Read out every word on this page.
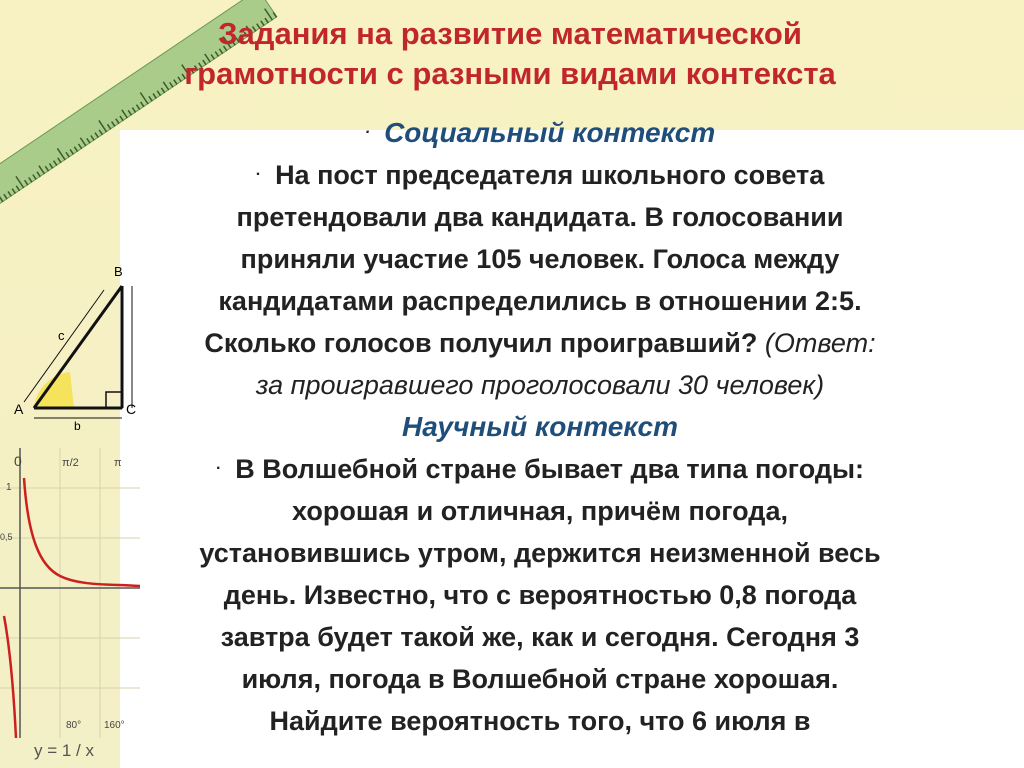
B
A	C
c
b
0	π/2	π
1
0,5
80° 160°
y = 1 / x
Задания на развитие математической
грамотности с разными видами контекста
· Социальный контекст
· На пост председателя школьного совета
претендовали два кандидата. В голосовании
приняли участие 105 человек. Голоса между
кандидатами распределились в отношении 2:5.
Сколько голосов получил проигравший? (Ответ:
за проигравшего проголосовали 30 человек)
Научный контекст
· В Волшебной стране бывает два типа погоды:
хорошая и отличная, причём погода,
установившись утром, держится неизменной весь
день. Известно, что с вероятностью 0,8 погода
завтра будет такой же, как и сегодня. Сегодня 3
июля, погода в Волшебной стране хорошая.
Найдите вероятность того, что 6 июля в
